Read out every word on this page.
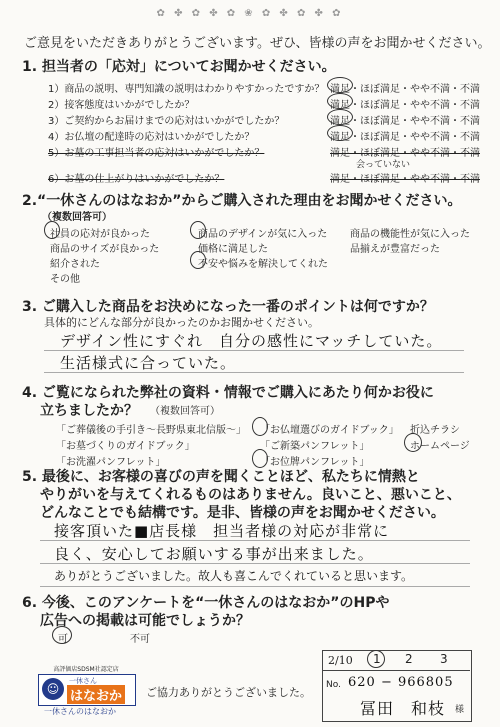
✿ ✤ ✿ ✤ ✿ ❀ ✿ ✤ ✿ ✤ ✿
ご意見をいただきありがとうございます。ぜひ、皆様の声をお聞かせください。
1. 担当者の「応対」についてお聞かせください。
1）商品の説明、専門知識の説明はわかりやすかったですか？ 満足・ほぼ満足・やや不満・不満
2）接客態度はいかがでしたか？	満足・ほぼ満足・やや不満・不満
3）ご契約からお届けまでの応対はいかがでしたか？	満足・ほぼ満足・やや不満・不満
4）お仏壇の配達時の応対はいかがでしたか？	満足・ほぼ満足・やや不満・不満
5）お墓の工事担当者の応対はいかがでしたか？	満足・ほぼ満足・やや不満・不満
会っていない
6）お墓の仕上がりはいかがでしたか？	満足・ほぼ満足・やや不満・不満
2.“一休さんのはなおか”からご購入された理由をお聞かせください。
（複数回答可）
社員の応対が良かった	商品のデザインが気に入った 商品の機能性が気に入った
商品のサイズが良かった	価格に満足した	品揃えが豊富だった
紹介された	不安や悩みを解決してくれた
その他
3. ご購入した商品をお決めになった一番のポイントは何ですか？
具体的にどんな部分が良かったのかお聞かせください。
デザイン性にすぐれ　自分の感性にマッチしていた。
生活様式に合っていた。
4. ご覧になられた弊社の資料・情報でご購入にあたり何かお役に
立ちましたか？ （複数回答可）
「ご葬儀後の手引き～長野県東北信版～」 「お仏壇選びのガイドブック」 折込チラシ
「お墓づくりのガイドブック」	「ご新築パンフレット」	ホームページ
「お洗濯パンフレット」	「お位牌パンフレット」
5. 最後に、お客様の喜びの声を聞くことほど、私たちに情熱と
やりがいを与えてくれるものはありません。良いこと、悪いこと、
どんなことでも結構です。是非、皆様の声をお聞かせください。
接客頂いた■店長様　担当者様の対応が非常に
良く、安心してお願いする事が出来ました。
ありがとうございました。故人も喜こんでくれていると思います。
6. 今後、このアンケートを“一休さんのはなおか”のHPや
広告への掲載は可能でしょうか？
可	不可
高評価店SDSM社認定店
☺
一休さん
はなおか
一休さんのはなおか
ご協力ありがとうございました。
2/10 1 2 3
No. 620 − 966805
冨田　和枝 様
